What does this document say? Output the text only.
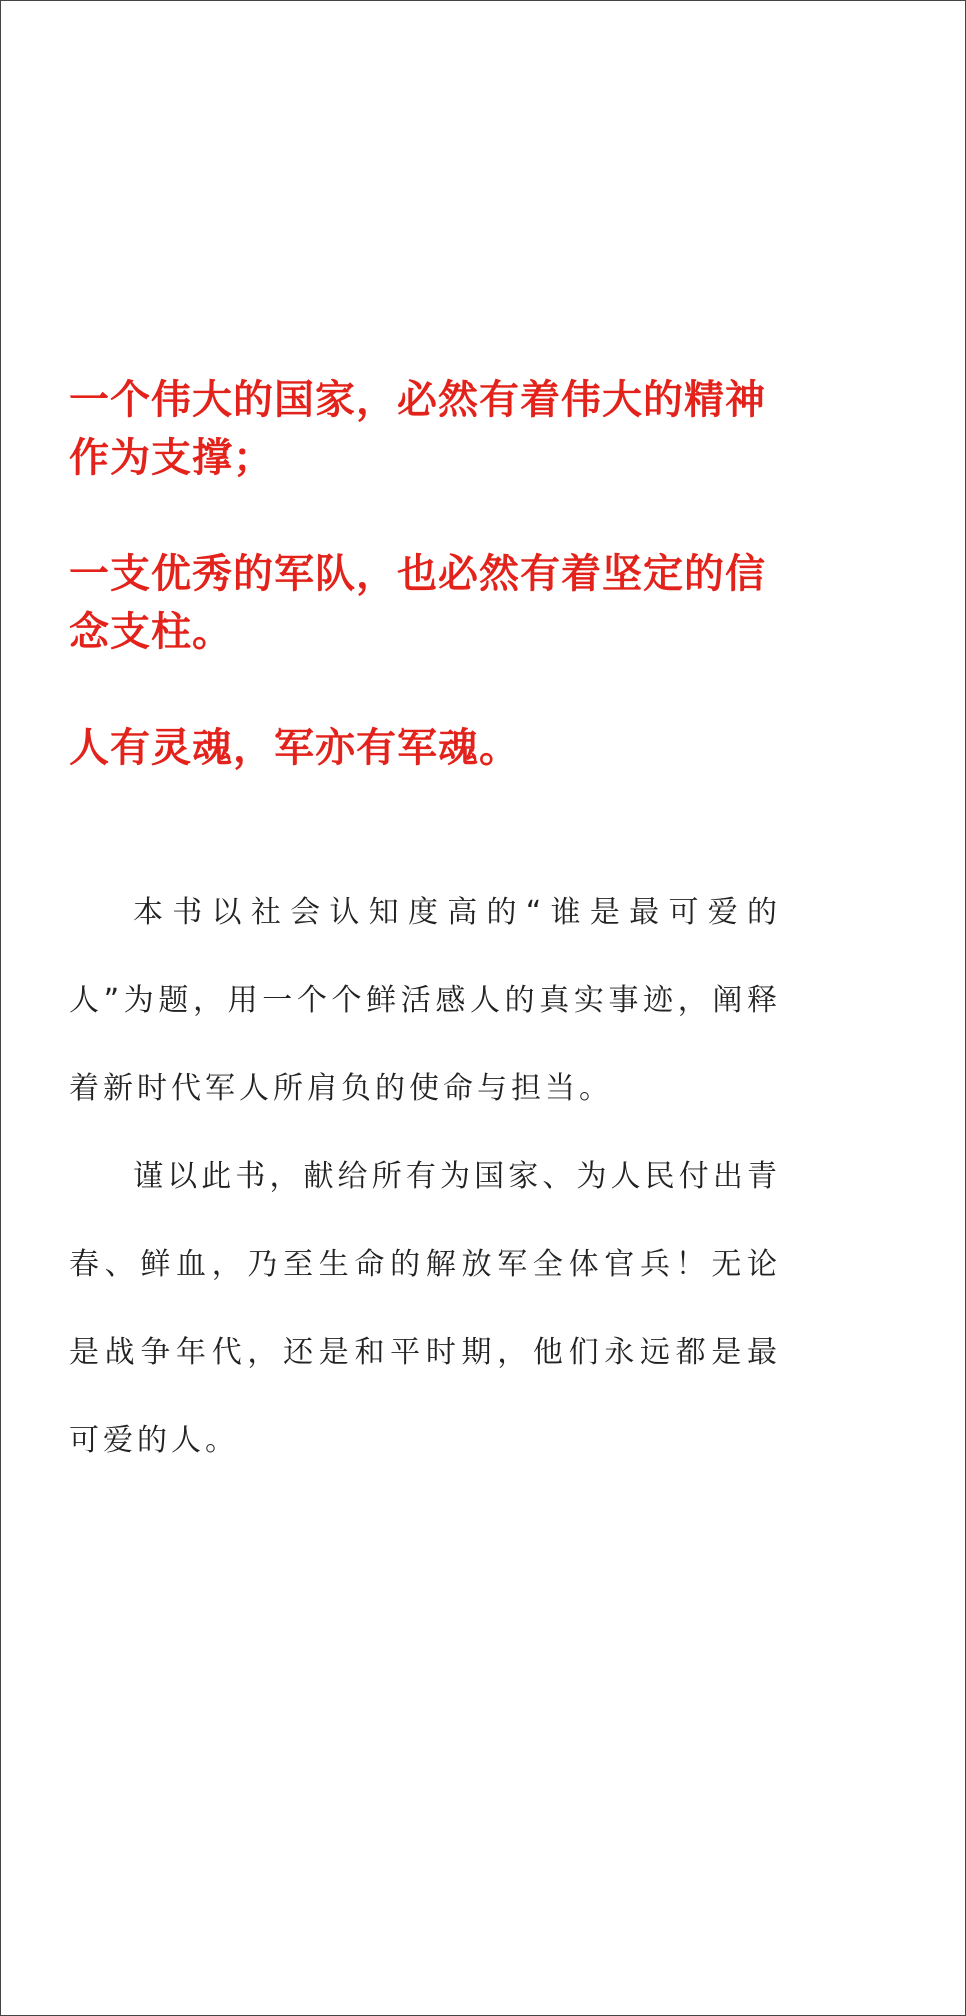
一个伟大的国家，必然有着伟大的精神作为支撑；

一支优秀的军队，也必然有着坚定的信念支柱。

人有灵魂，军亦有军魂。

本书以社会认知度高的“谁是最可爱的人”为题，用一个个鲜活感人的真实事迹，阐释着新时代军人所肩负的使命与担当。

谨以此书，献给所有为国家、为人民付出青春、鲜血，乃至生命的解放军全体官兵！无论是战争年代，还是和平时期，他们永远都是最可爱的人。
